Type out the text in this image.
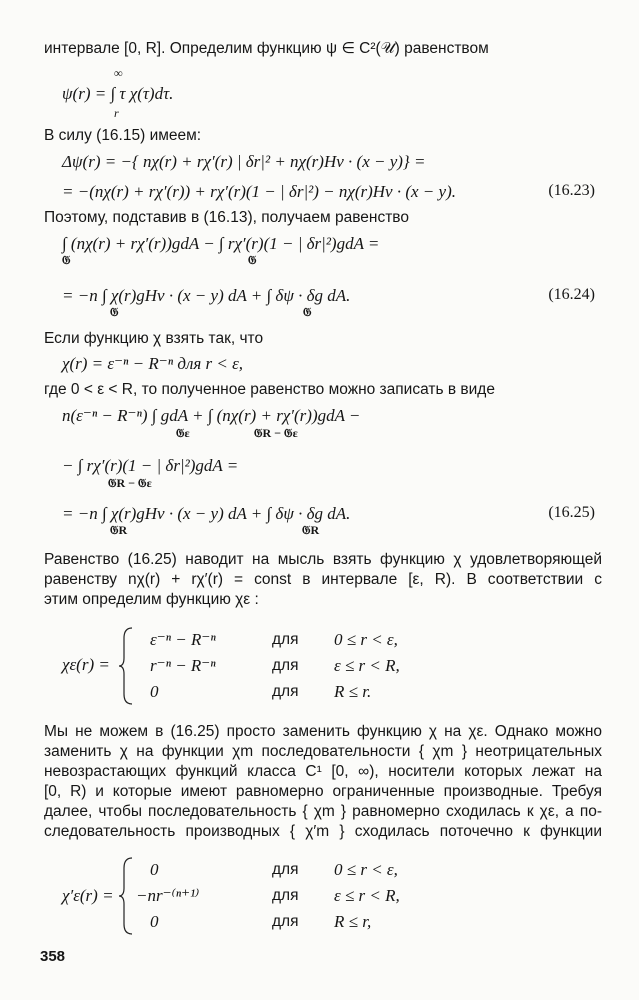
интервале [0, R]. Определим функцию ψ ∈ C²(𝒰) равенством
∞
ψ(r) = ∫ τ χ(τ)dτ.
r
В силу (16.15) имеем:
Δψ(r) = −{ nχ(r) + rχ′(r) | δr|² + nχ(r)Hν · (x − y)} =
= −(nχ(r) + rχ′(r)) + rχ′(r)(1 − | δr|²) − nχ(r)Hν · (x − y).	(16.23)
Поэтому, подставив в (16.13), получаем равенство
∫ (nχ(r) + rχ′(r))gdA − ∫ rχ′(r)(1 − | δr|²)gdA =
𝔊	𝔊
= −n ∫ χ(r)gHν · (x − y) dA + ∫ δψ · δg dA.
𝔊	𝔊
(16.24)
Если функцию χ взять так, что
χ(r) = ε⁻ⁿ − R⁻ⁿ для r < ε,
где 0 < ε < R, то полученное равенство можно записать в виде
n(ε⁻ⁿ − R⁻ⁿ) ∫ gdA + ∫ (nχ(r) + rχ′(r))gdA −
𝔊ε	𝔊R − 𝔊ε
− ∫ rχ′(r)(1 − | δr|²)gdA =
𝔊R − 𝔊ε
= −n ∫ χ(r)gHν · (x − y) dA + ∫ δψ · δg dA.
𝔊R	𝔊R
(16.25)
Равенство (16.25) наводит на мысль взять функцию χ удовлетворяющей
равенству nχ(r) + rχ′(r) = const в интервале [ε, R). В соответствии с
этим определим функцию χε :
χε(r) =
ε⁻ⁿ − R⁻ⁿ	для 0 ≤ r < ε,
r⁻ⁿ − R⁻ⁿ	для ε ≤ r < R,
0	для R ≤ r.
Мы не можем в (16.25) просто заменить функцию χ на χε. Однако можно
заменить χ на функции χm последовательности { χm } неотрицательных
невозрастающих функций класса C¹ [0, ∞), носители которых лежат на
[0, R) и которые имеют равномерно ограниченные производные. Требуя
далее, чтобы последовательность { χm } равномерно сходилась к χε, а по-
следовательность производных { χ′m } сходилась поточечно к функции
χ′ε(r) =
0	для 0 ≤ r < ε,
−nr⁻⁽ⁿ⁺¹⁾	для ε ≤ r < R,
0	для R ≤ r,
358
